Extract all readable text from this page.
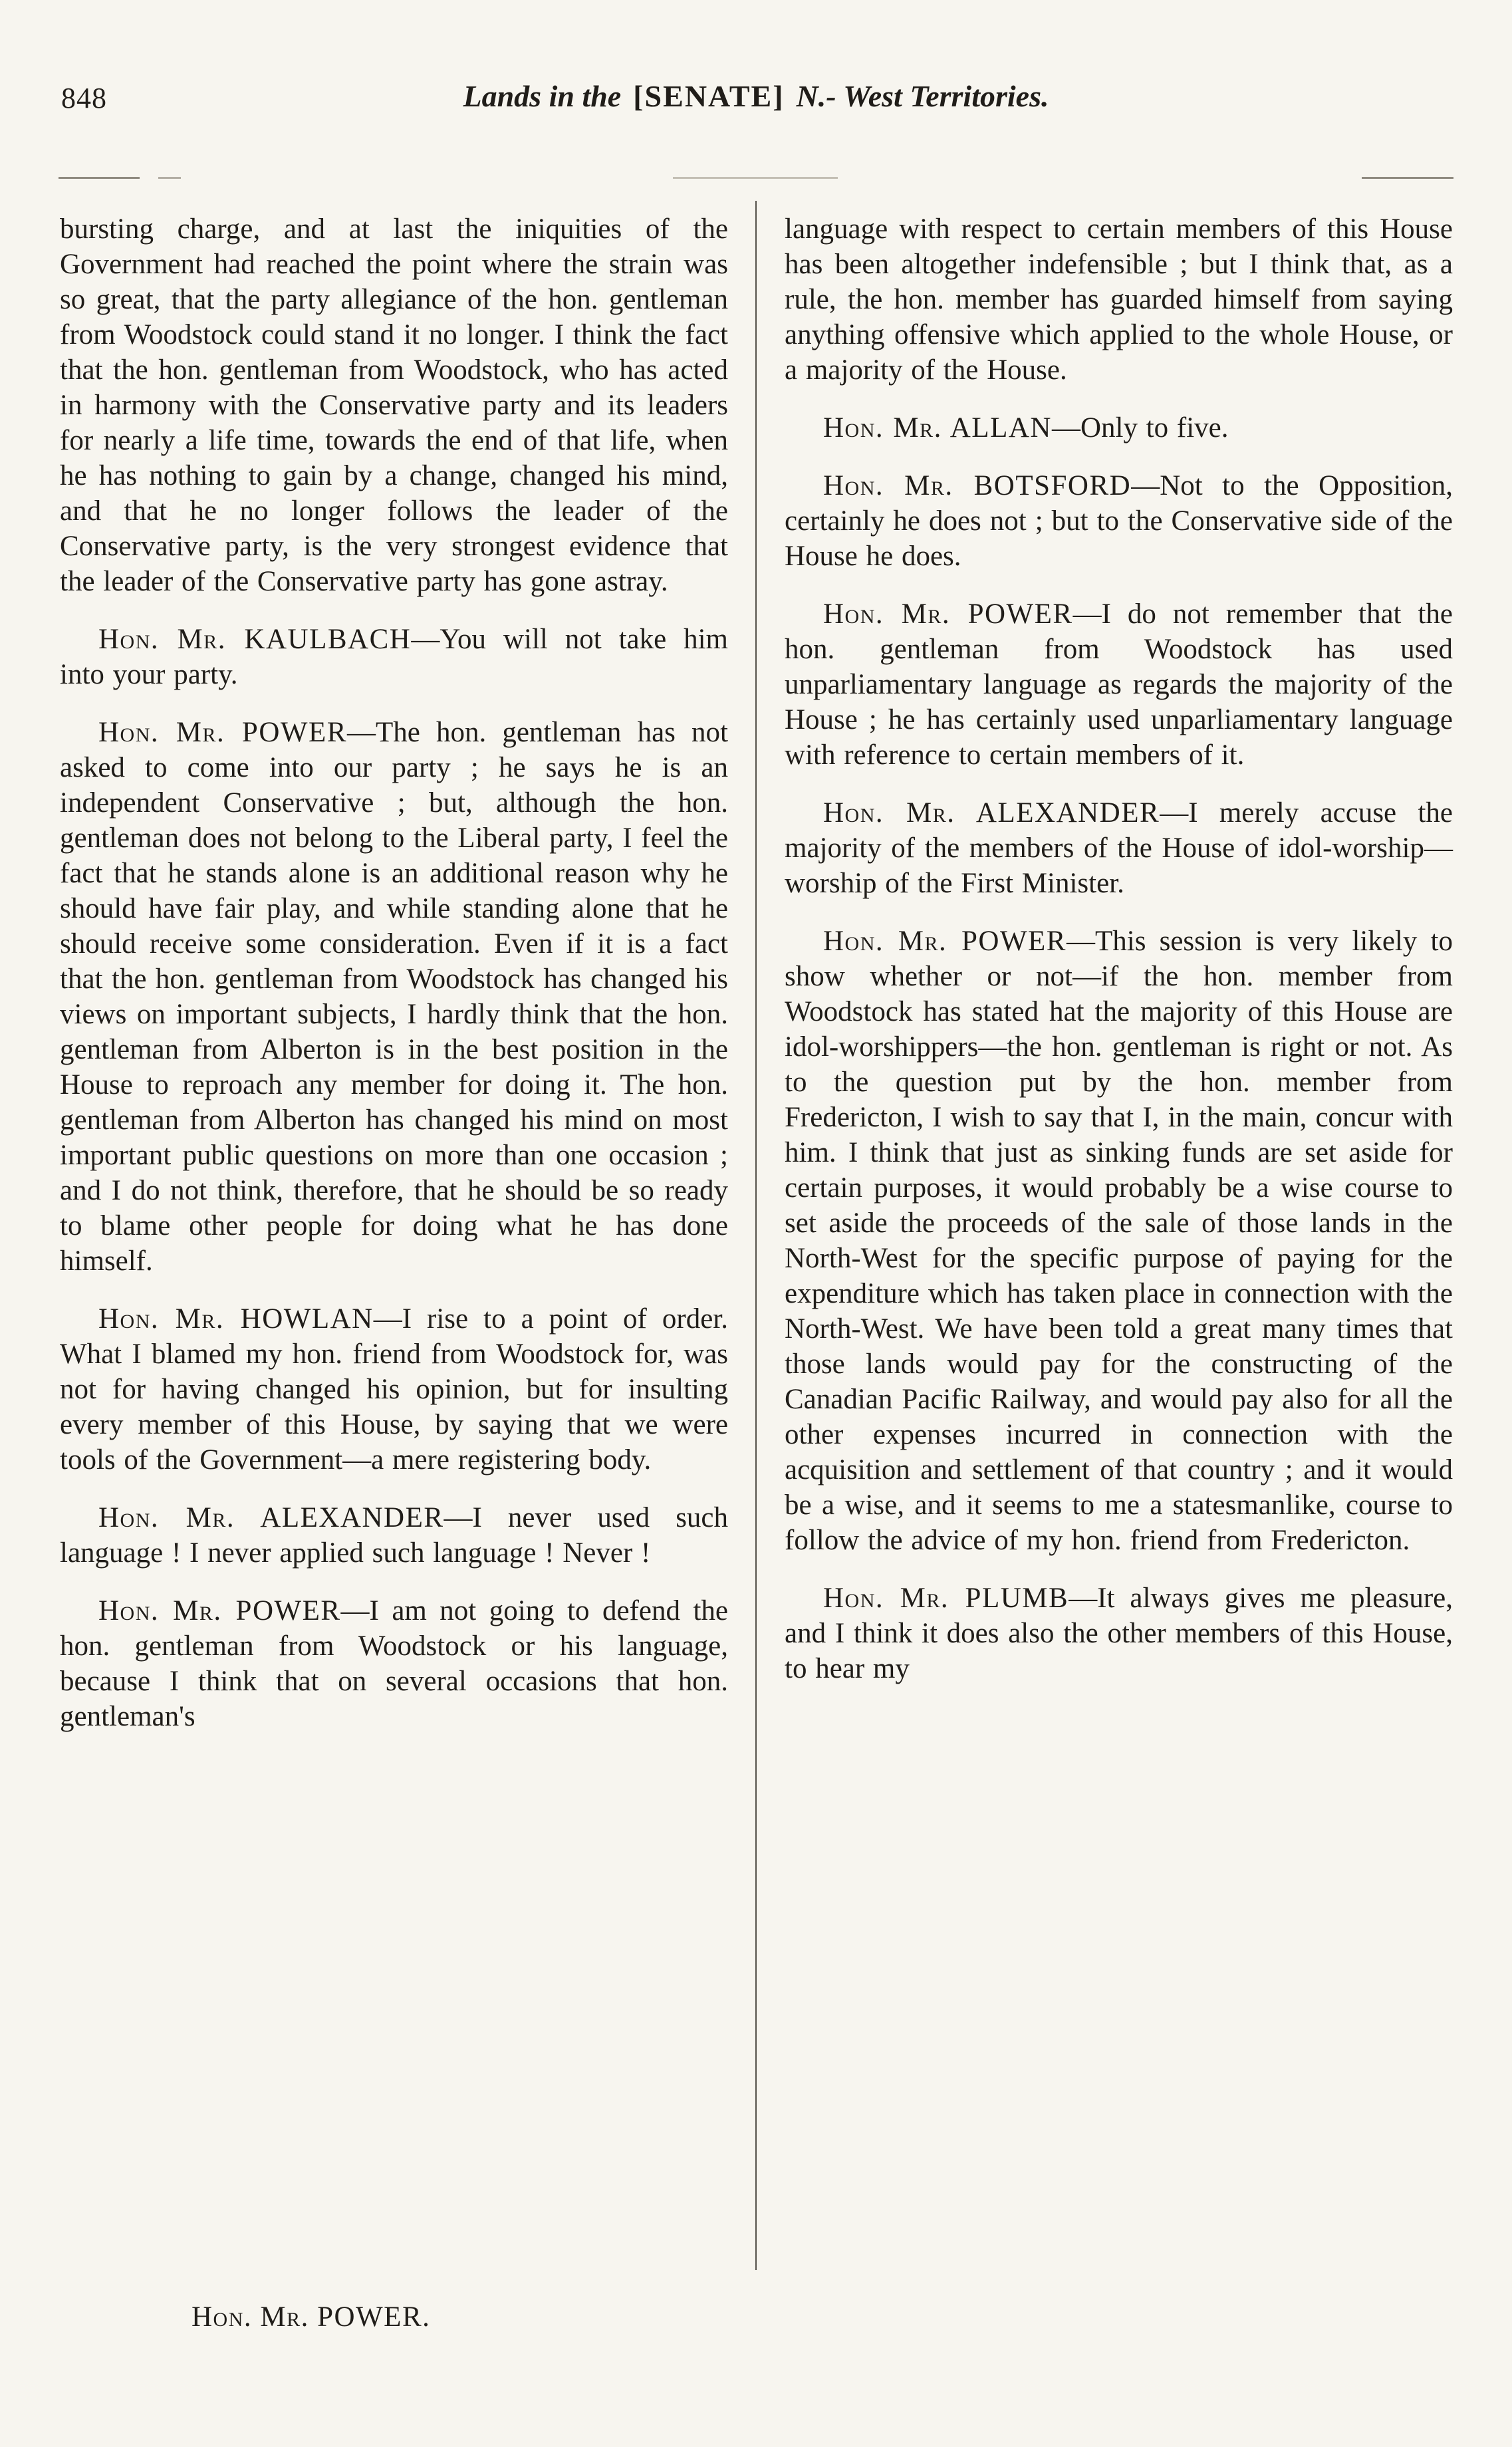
848	Lands in the [SENATE] N.- West Territories.

bursting charge, and at last the iniquities of the Government had reached the point where the strain was so great, that the party allegiance of the hon. gentleman from Woodstock could stand it no longer. I think the fact that the hon. gentleman from Woodstock, who has acted in harmony with the Conservative party and its leaders for nearly a life time, towards the end of that life, when he has nothing to gain by a change, changed his mind, and that he no longer follows the leader of the Conservative party, is the very strongest evidence that the leader of the Conservative party has gone astray.

Hon. Mr. KAULBACH—You will not take him into your party.

Hon. Mr. POWER—The hon. gentleman has not asked to come into our party ; he says he is an independent Conservative ; but, although the hon. gentleman does not belong to the Liberal party, I feel the fact that he stands alone is an additional reason why he should have fair play, and while standing alone that he should receive some consideration. Even if it is a fact that the hon. gentleman from Woodstock has changed his views on important subjects, I hardly think that the hon. gentleman from Alberton is in the best position in the House to reproach any member for doing it. The hon. gentleman from Alberton has changed his mind on most important public questions on more than one occasion ; and I do not think, therefore, that he should be so ready to blame other people for doing what he has done himself.

Hon. Mr. HOWLAN—I rise to a point of order. What I blamed my hon. friend from Woodstock for, was not for having changed his opinion, but for insulting every member of this House, by saying that we were tools of the Government—a mere registering body.

Hon. Mr. ALEXANDER—I never used such language ! I never applied such language ! Never !

Hon. Mr. POWER—I am not going to defend the hon. gentleman from Woodstock or his language, because I think that on several occasions that hon. gentleman's

language with respect to certain members of this House has been altogether indefensible ; but I think that, as a rule, the hon. member has guarded himself from saying anything offensive which applied to the whole House, or a majority of the House.

Hon. Mr. ALLAN—Only to five.

Hon. Mr. BOTSFORD—Not to the Opposition, certainly he does not ; but to the Conservative side of the House he does.

Hon. Mr. POWER—I do not remember that the hon. gentleman from Woodstock has used unparliamentary language as regards the majority of the House ; he has certainly used unparliamentary language with reference to certain members of it.

Hon. Mr. ALEXANDER—I merely accuse the majority of the members of the House of idol-worship—worship of the First Minister.

Hon. Mr. POWER—This session is very likely to show whether or not—if the hon. member from Woodstock has stated hat the majority of this House are idol-worshippers—the hon. gentleman is right or not. As to the question put by the hon. member from Fredericton, I wish to say that I, in the main, concur with him. I think that just as sinking funds are set aside for certain purposes, it would probably be a wise course to set aside the proceeds of the sale of those lands in the North-West for the specific purpose of paying for the expenditure which has taken place in connection with the North-West. We have been told a great many times that those lands would pay for the constructing of the Canadian Pacific Railway, and would pay also for all the other expenses incurred in connection with the acquisition and settlement of that country ; and it would be a wise, and it seems to me a statesmanlike, course to follow the advice of my hon. friend from Fredericton.

Hon. Mr. PLUMB—It always gives me pleasure, and I think it does also the other members of this House, to hear my

Hon. Mr. POWER.
